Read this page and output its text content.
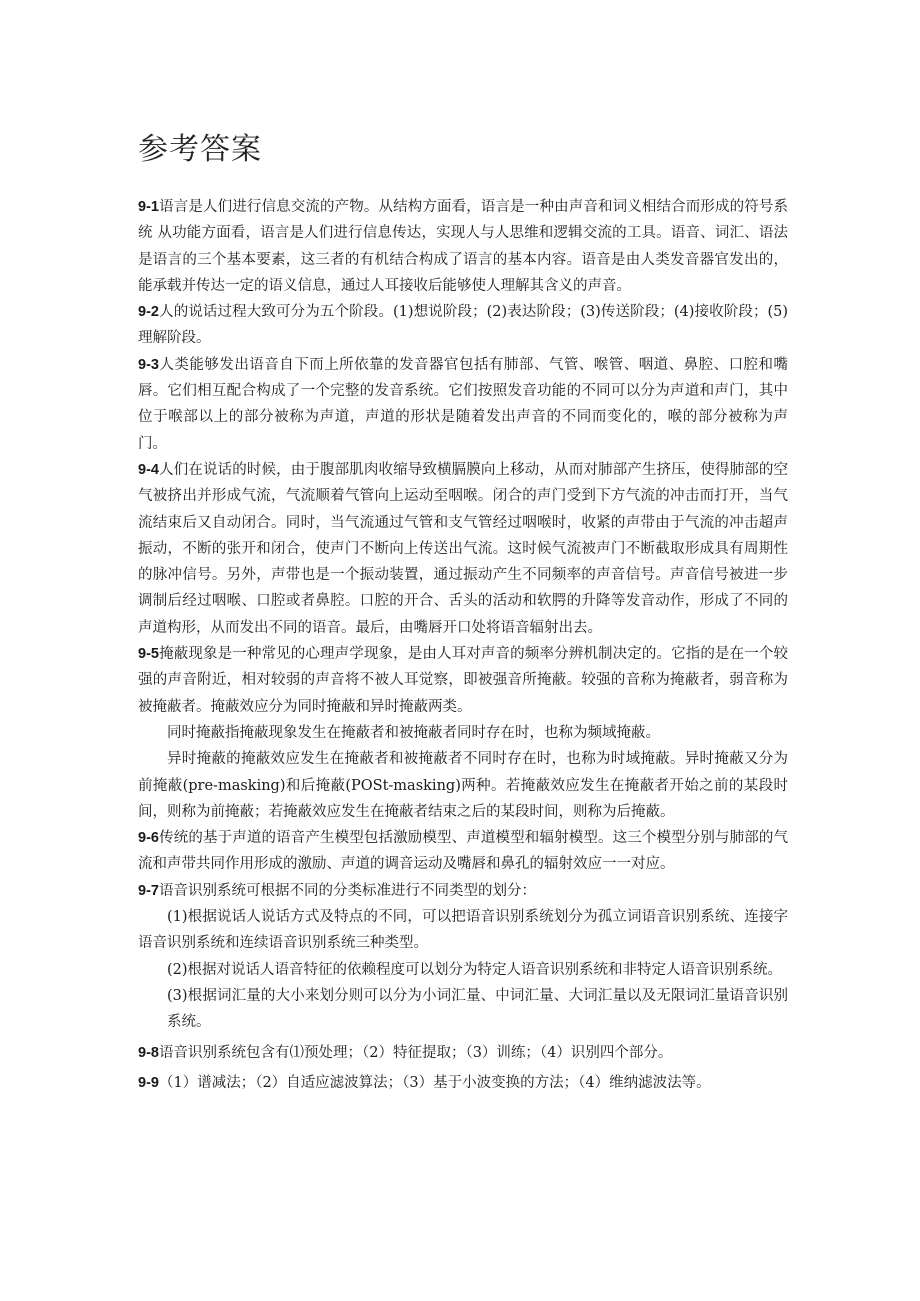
参考答案

9-1语言是人们进行信息交流的产物。从结构方面看，语言是一种由声音和词义相结合而形成的符号系统 从功能方面看，语言是人们进行信息传达，实现人与人思维和逻辑交流的工具。语音、词汇、语法是语言的三个基本要素，这三者的有机结合构成了语言的基本内容。语音是由人类发音器官发出的，能承载并传达一定的语义信息，通过人耳接收后能够使人理解其含义的声音。

9-2人的说话过程大致可分为五个阶段。(1)想说阶段；(2)表达阶段；(3)传送阶段；(4)接收阶段；(5)理解阶段。

9-3人类能够发出语音自下而上所依靠的发音器官包括有肺部、气管、喉管、咽道、鼻腔、口腔和嘴唇。它们相互配合构成了一个完整的发音系统。它们按照发音功能的不同可以分为声道和声门，其中位于喉部以上的部分被称为声道，声道的形状是随着发出声音的不同而变化的，喉的部分被称为声门。

9-4人们在说话的时候，由于腹部肌肉收缩导致横膈膜向上移动，从而对肺部产生挤压，使得肺部的空气被挤出并形成气流，气流顺着气管向上运动至咽喉。闭合的声门受到下方气流的冲击而打开，当气流结束后又自动闭合。同时，当气流通过气管和支气管经过咽喉时，收紧的声带由于气流的冲击超声振动，不断的张开和闭合，使声门不断向上传送出气流。这时候气流被声门不断截取形成具有周期性的脉冲信号。另外，声带也是一个振动装置，通过振动产生不同频率的声音信号。声音信号被进一步调制后经过咽喉、口腔或者鼻腔。口腔的开合、舌头的活动和软腭的升降等发音动作，形成了不同的声道构形，从而发出不同的语音。最后，由嘴唇开口处将语音辐射出去。

9-5掩蔽现象是一种常见的心理声学现象，是由人耳对声音的频率分辨机制决定的。它指的是在一个较强的声音附近，相对较弱的声音将不被人耳觉察，即被强音所掩蔽。较强的音称为掩蔽者，弱音称为被掩蔽者。掩蔽效应分为同时掩蔽和异时掩蔽两类。

同时掩蔽指掩蔽现象发生在掩蔽者和被掩蔽者同时存在时，也称为频域掩蔽。

异时掩蔽的掩蔽效应发生在掩蔽者和被掩蔽者不同时存在时，也称为时域掩蔽。异时掩蔽又分为前掩蔽(pre-masking)和后掩蔽(POSt-masking)两种。若掩蔽效应发生在掩蔽者开始之前的某段时间，则称为前掩蔽；若掩蔽效应发生在掩蔽者结束之后的某段时间，则称为后掩蔽。

9-6传统的基于声道的语音产生模型包括激励模型、声道模型和辐射模型。这三个模型分别与肺部的气流和声带共同作用形成的激励、声道的调音运动及嘴唇和鼻孔的辐射效应一一对应。

9-7语音识别系统可根据不同的分类标准进行不同类型的划分：

(1)根据说话人说话方式及特点的不同，可以把语音识别系统划分为孤立词语音识别系统、连接字语音识别系统和连续语音识别系统三种类型。

(2)根据对说话人语音特征的依赖程度可以划分为特定人语音识别系统和非特定人语音识别系统。

(3)根据词汇量的大小来划分则可以分为小词汇量、中词汇量、大词汇量以及无限词汇量语音识别系统。

9-8语音识别系统包含有⑴预处理；（2）特征提取；（3）训练；（4）识别四个部分。

9-9（1）谱减法；（2）自适应滤波算法；（3）基于小波变换的方法；（4）维纳滤波法等。
